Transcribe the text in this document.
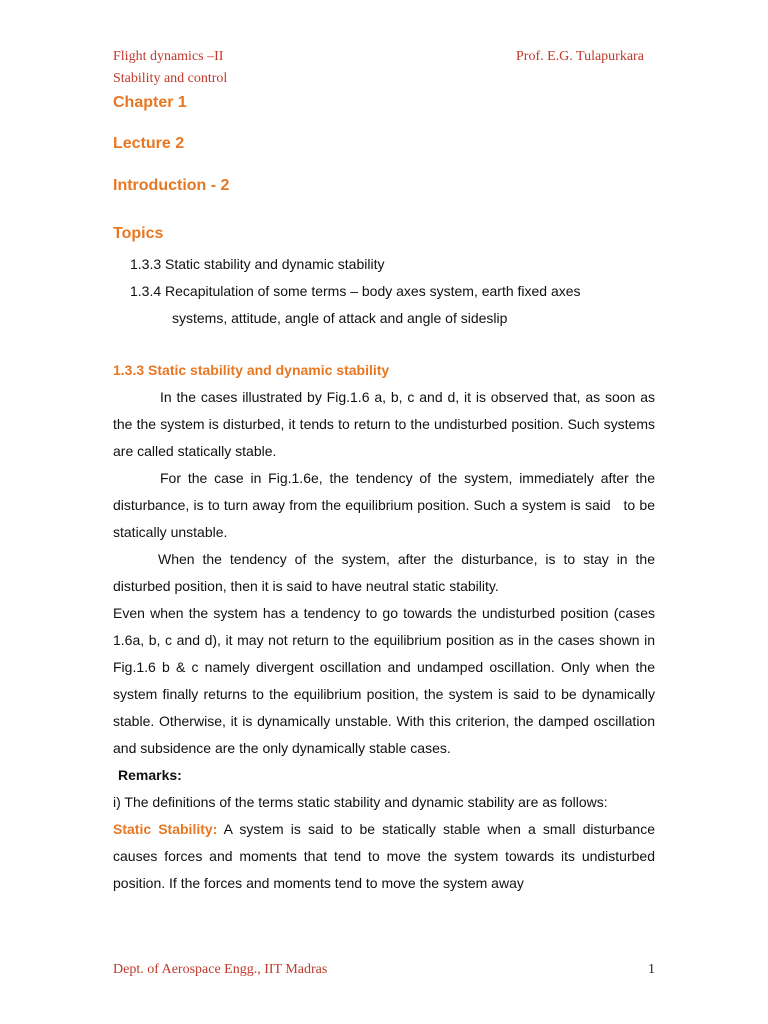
Flight dynamics –II
Stability and control
Prof. E.G. Tulapurkara
Chapter 1
Lecture 2
Introduction - 2
Topics
1.3.3 Static stability and dynamic stability
1.3.4 Recapitulation of some terms – body axes system, earth fixed axes
systems, attitude, angle of attack and angle of sideslip
1.3.3 Static stability and dynamic stability

In the cases illustrated by Fig.1.6 a, b, c and d, it is observed that, as soon as the the system is disturbed, it tends to return to the undisturbed position. Such systems are called statically stable.

For the case in Fig.1.6e, the tendency of the system, immediately after the disturbance, is to turn away from the equilibrium position. Such a system is said   to be statically unstable.

When the tendency of the system, after the disturbance, is to stay in the disturbed position, then it is said to have neutral static stability.

Even when the system has a tendency to go towards the undisturbed position (cases 1.6a, b, c and d), it may not return to the equilibrium position as in the cases shown in Fig.1.6 b & c namely divergent oscillation and undamped oscillation. Only when the system finally returns to the equilibrium position, the system is said to be dynamically stable. Otherwise, it is dynamically unstable. With this criterion, the damped oscillation and subsidence are the only dynamically stable cases.

Remarks:

i) The definitions of the terms static stability and dynamic stability are as follows:

Static Stability: A system is said to be statically stable when a small disturbance causes forces and moments that tend to move the system towards its undisturbed position. If the forces and moments tend to move the system away

Dept. of Aerospace Engg., IIT Madras	1
